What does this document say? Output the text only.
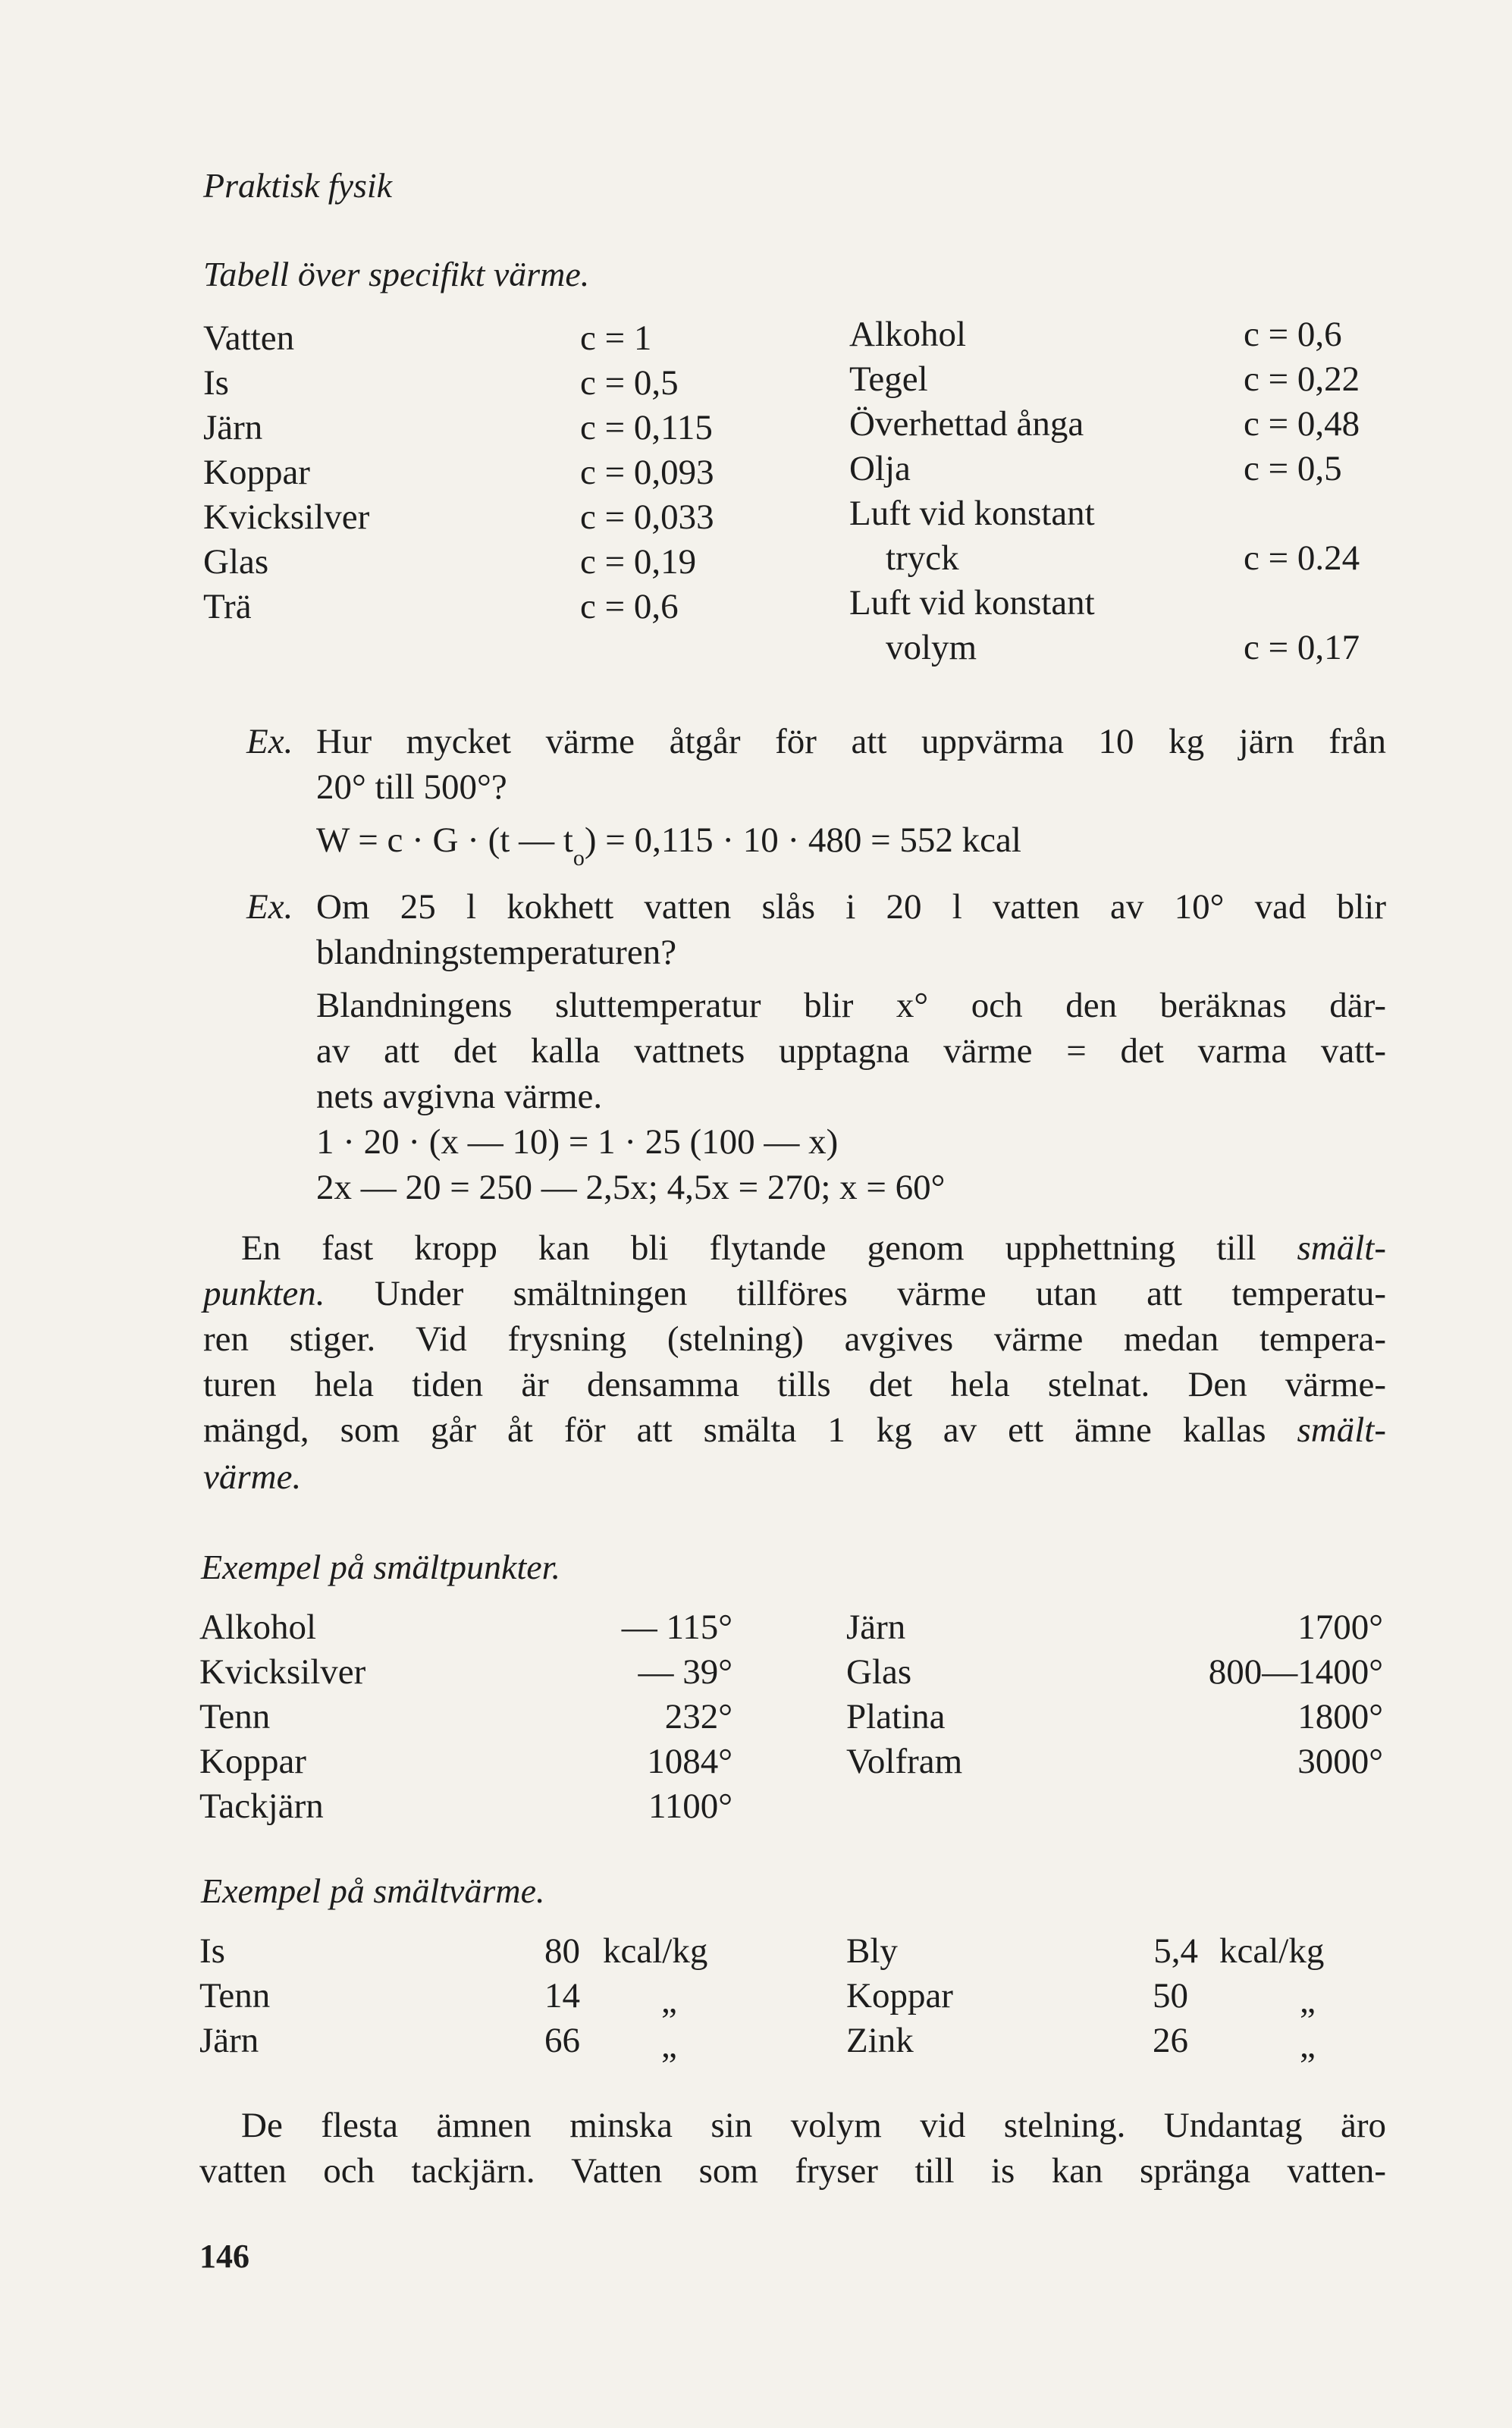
Praktisk fysik
Tabell över specifikt värme.
Vatten	c = 1
Is	c = 0,5
Järn	c = 0,115
Koppar	c = 0,093
Kvicksilver	c = 0,033
Glas	c = 0,19
Trä	c = 0,6
Alkohol	c = 0,6
Tegel	c = 0,22
Överhettad ånga	c = 0,48
Olja	c = 0,5
Luft vid konstant
tryck	c = 0.24
Luft vid konstant
volym	c = 0,17
Ex. Hur mycket värme åtgår för att uppvärma 10 kg järn från
20° till 500°?
W = c · G · (t — $t_o) = 0,115 \cdot 10 \cdot 480 = 552$ kcal
Ex. Om 25 l kokhett vatten slås i 20 l vatten av 10° vad blir
blandningstemperaturen?
Blandningens sluttemperatur blir x° och den beräknas där-
av att det kalla vattnets upptagna värme = det varma vatt-
nets avgivna värme.
1 · 20 · (x — 10) = 1 · 25 (100 — x)
2x — 20 = 250 — 2,5x; 4,5x = 270; x = 60°
En fast kropp kan bli flytande genom upphettning till smält-
punkten. Under smältningen tillföres värme utan att temperatu-
ren stiger. Vid frysning (stelning) avgives värme medan tempera-
turen hela tiden är densamma tills det hela stelnat. Den värme-
mängd, som går åt för att smälta 1 kg av ett ämne kallas smält-
värme.
Exempel på smältpunkter.
Alkohol	— 115°
Kvicksilver	— 39°
Tenn	232°
Koppar	1084°
Tackjärn	1100°
Järn	1700°
Glas	800—1400°
Platina	1800°
Volfram	3000°
Exempel på smältvärme.
Is	80 kcal/kg
Tenn	14 „
Järn	66 „
Bly	5,4 kcal/kg
Koppar	50	„
Zink	26	„
De flesta ämnen minska sin volym vid stelning. Undantag äro
vatten och tackjärn. Vatten som fryser till is kan spränga vatten-
146
